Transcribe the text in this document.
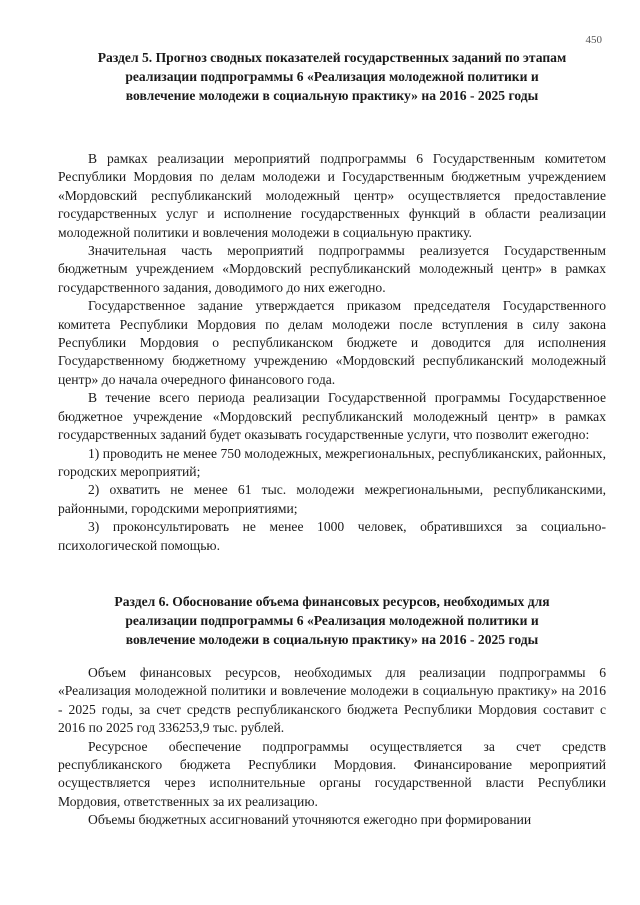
450
Раздел 5. Прогноз сводных показателей государственных заданий по этапам
реализации подпрограммы 6 «Реализация молодежной политики и
вовлечение молодежи в социальную практику» на 2016 - 2025 годы

В рамках реализации мероприятий подпрограммы 6 Государственным комитетом Республики Мордовия по делам молодежи и Государственным бюджетным учреждением «Мордовский республиканский молодежный центр» осуществляется предоставление государственных услуг и исполнение государственных функций в области реализации молодежной политики и вовлечения молодежи в социальную практику.

Значительная часть мероприятий подпрограммы реализуется Государственным бюджетным учреждением «Мордовский республиканский молодежный центр» в рамках государственного задания, доводимого до них ежегодно.

Государственное задание утверждается приказом председателя Государственного комитета Республики Мордовия по делам молодежи после вступления в силу закона Республики Мордовия о республиканском бюджете и доводится для исполнения Государственному бюджетному учреждению «Мордовский республиканский молодежный центр» до начала очередного финансового года.

В течение всего периода реализации Государственной программы Государственное бюджетное учреждение «Мордовский республиканский молодежный центр» в рамках государственных заданий будет оказывать государственные услуги, что позволит ежегодно:

1) проводить не менее 750 молодежных, межрегиональных, республиканских, районных, городских мероприятий;

2) охватить не менее 61 тыс. молодежи межрегиональными, республиканскими, районными, городскими мероприятиями;

3) проконсультировать не менее 1000 человек, обратившихся за социально-психологической помощью.

Раздел 6. Обоснование объема финансовых ресурсов, необходимых для
реализации подпрограммы 6 «Реализация молодежной политики и
вовлечение молодежи в социальную практику» на 2016 - 2025 годы

Объем финансовых ресурсов, необходимых для реализации подпрограммы 6 «Реализация молодежной политики и вовлечение молодежи в социальную практику» на 2016 - 2025 годы, за счет средств республиканского бюджета Республики Мордовия составит с 2016 по 2025 год 336253,9 тыс. рублей.

Ресурсное обеспечение подпрограммы осуществляется за счет средств республиканского бюджета Республики Мордовия. Финансирование мероприятий осуществляется через исполнительные органы государственной власти Республики Мордовия, ответственных за их реализацию.

Объемы бюджетных ассигнований уточняются ежегодно при формировании
